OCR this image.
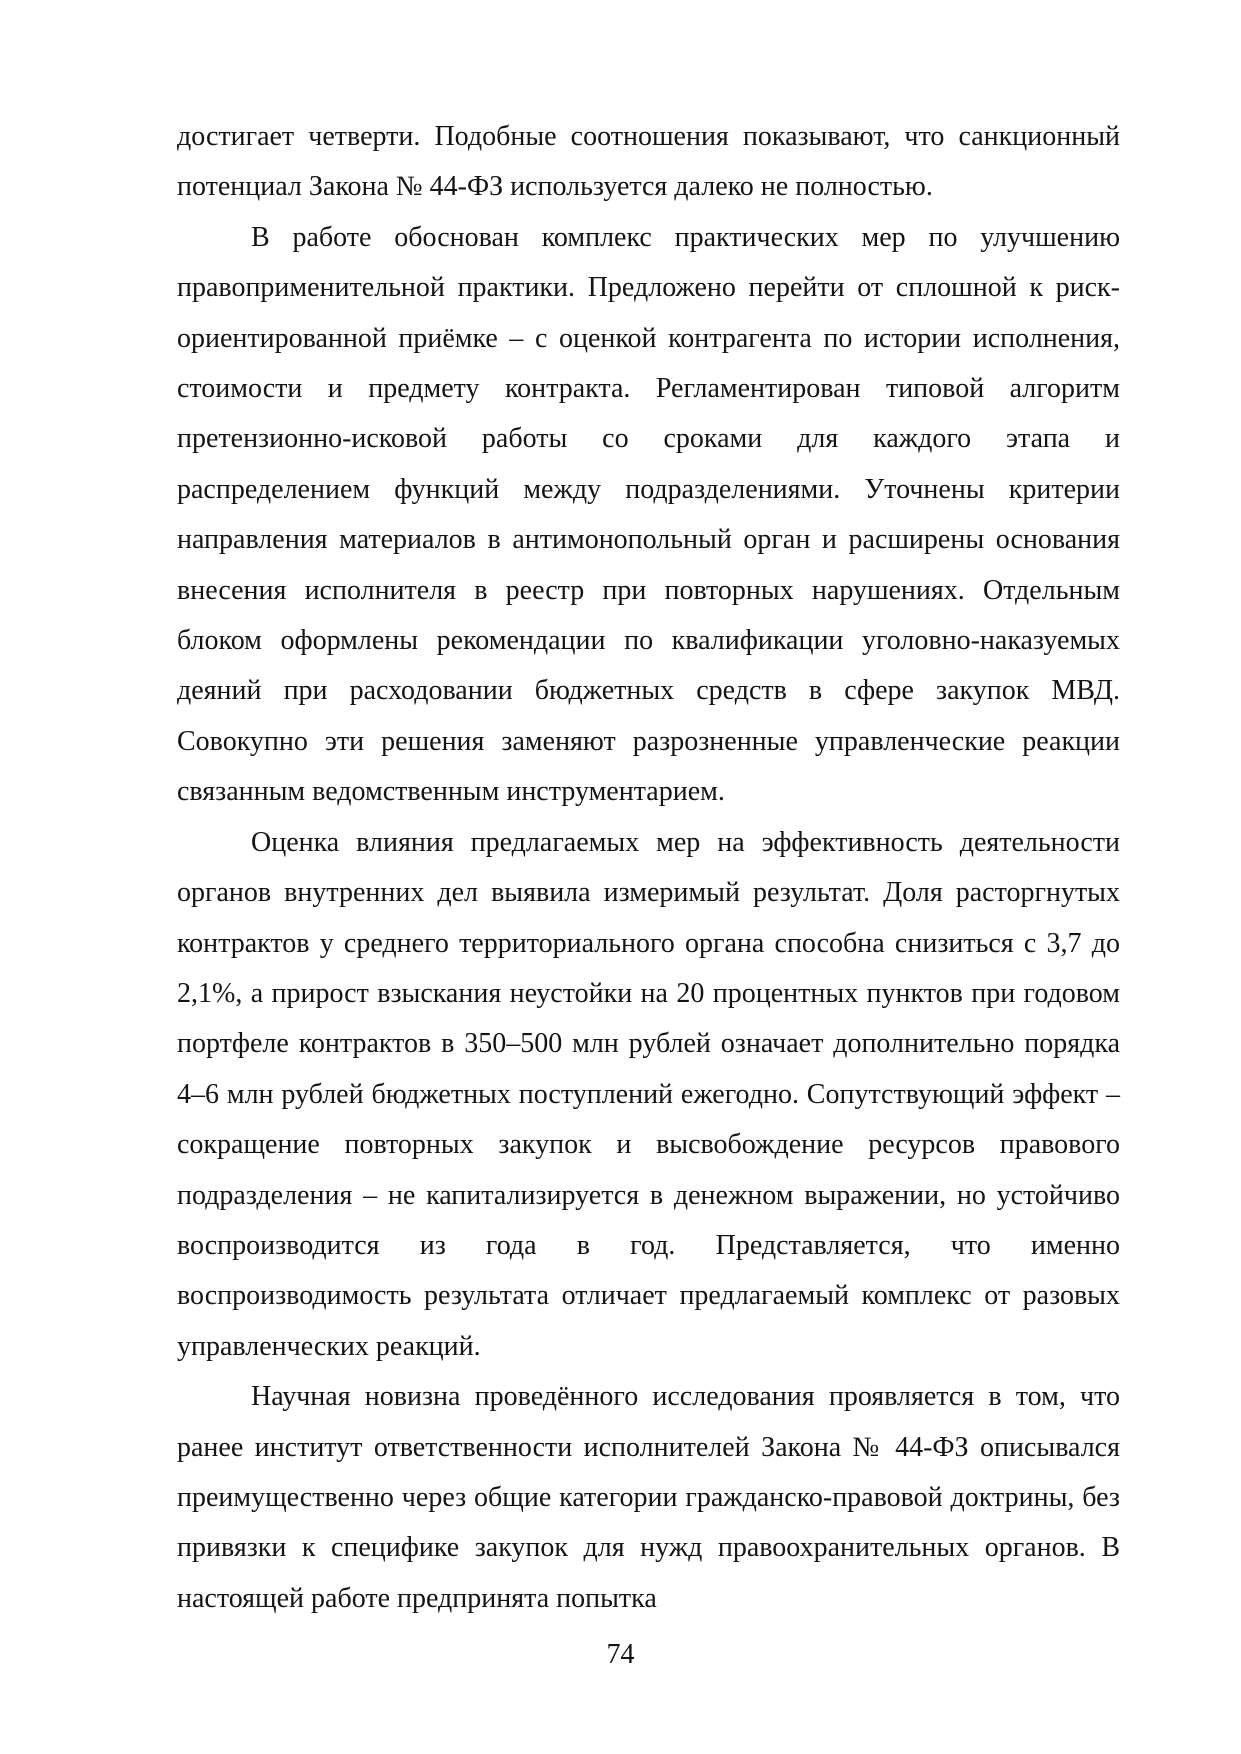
достигает четверти. Подобные соотношения показывают, что санкционный потенциал Закона № 44-ФЗ используется далеко не полностью.

В работе обоснован комплекс практических мер по улучшению правоприменительной практики. Предложено перейти от сплошной к риск-ориентированной приёмке – с оценкой контрагента по истории исполнения, стоимости и предмету контракта. Регламентирован типовой алгоритм претензионно-исковой работы со сроками для каждого этапа и распределением функций между подразделениями. Уточнены критерии направления материалов в антимонопольный орган и расширены основания внесения исполнителя в реестр при повторных нарушениях. Отдельным блоком оформлены рекомендации по квалификации уголовно-наказуемых деяний при расходовании бюджетных средств в сфере закупок МВД. Совокупно эти решения заменяют разрозненные управленческие реакции связанным ведомственным инструментарием.

Оценка влияния предлагаемых мер на эффективность деятельности органов внутренних дел выявила измеримый результат. Доля расторгнутых контрактов у среднего территориального органа способна снизиться с 3,7 до 2,1%, а прирост взыскания неустойки на 20 процентных пунктов при годовом портфеле контрактов в 350–500 млн рублей означает дополнительно порядка 4–6 млн рублей бюджетных поступлений ежегодно. Сопутствующий эффект – сокращение повторных закупок и высвобождение ресурсов правового подразделения – не капитализируется в денежном выражении, но устойчиво воспроизводится из года в год. Представляется, что именно воспроизводимость результата отличает предлагаемый комплекс от разовых управленческих реакций.

Научная новизна проведённого исследования проявляется в том, что ранее институт ответственности исполнителей Закона № 44-ФЗ описывался преимущественно через общие категории гражданско-правовой доктрины, без привязки к специфике закупок для нужд правоохранительных органов. В настоящей работе предпринята попытка

74
